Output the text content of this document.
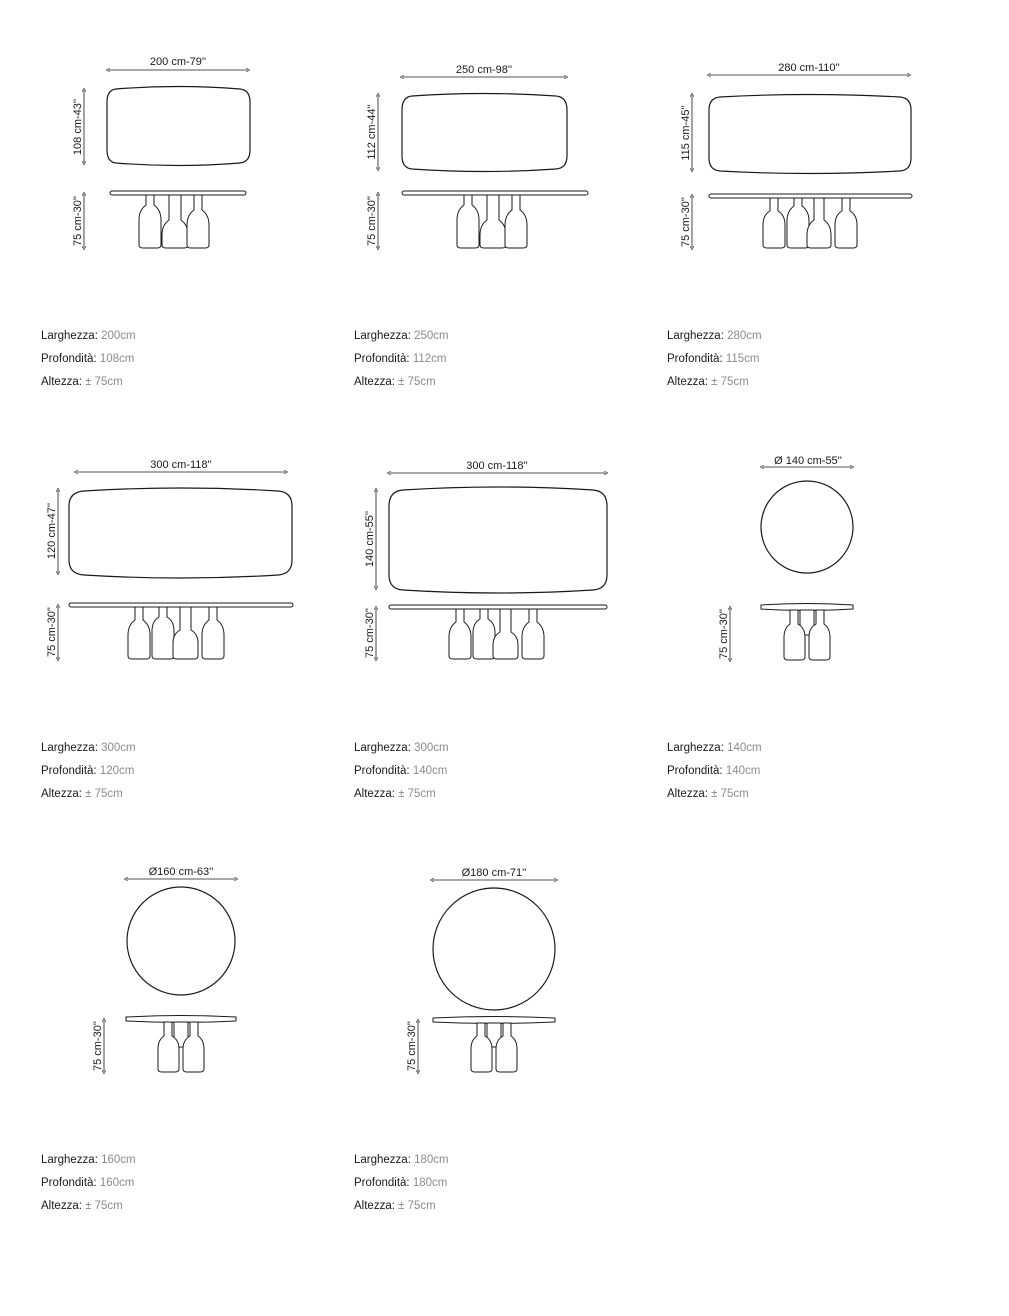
200 cm-79''
108 cm-43''
75 cm-30''
250 cm-98''
112 cm-44''
75 cm-30''
280 cm-110''
115 cm-45''
75 cm-30''
300 cm-118''
120 cm-47''
75 cm-30''
300 cm-118''
140 cm-55''
75 cm-30''
Ø 140 cm-55''
75 cm-30''
Ø160 cm-63''
75 cm-30''
Ø180 cm-71''
75 cm-30''
Larghezza: 200cm
Profondità: 108cm
Altezza: ± 75cm
Larghezza: 250cm
Profondità: 112cm
Altezza: ± 75cm
Larghezza: 280cm
Profondità: 115cm
Altezza: ± 75cm
Larghezza: 300cm
Profondità: 120cm
Altezza: ± 75cm
Larghezza: 300cm
Profondità: 140cm
Altezza: ± 75cm
Larghezza: 140cm
Profondità: 140cm
Altezza: ± 75cm
Larghezza: 160cm
Profondità: 160cm
Altezza: ± 75cm
Larghezza: 180cm
Profondità: 180cm
Altezza: ± 75cm
